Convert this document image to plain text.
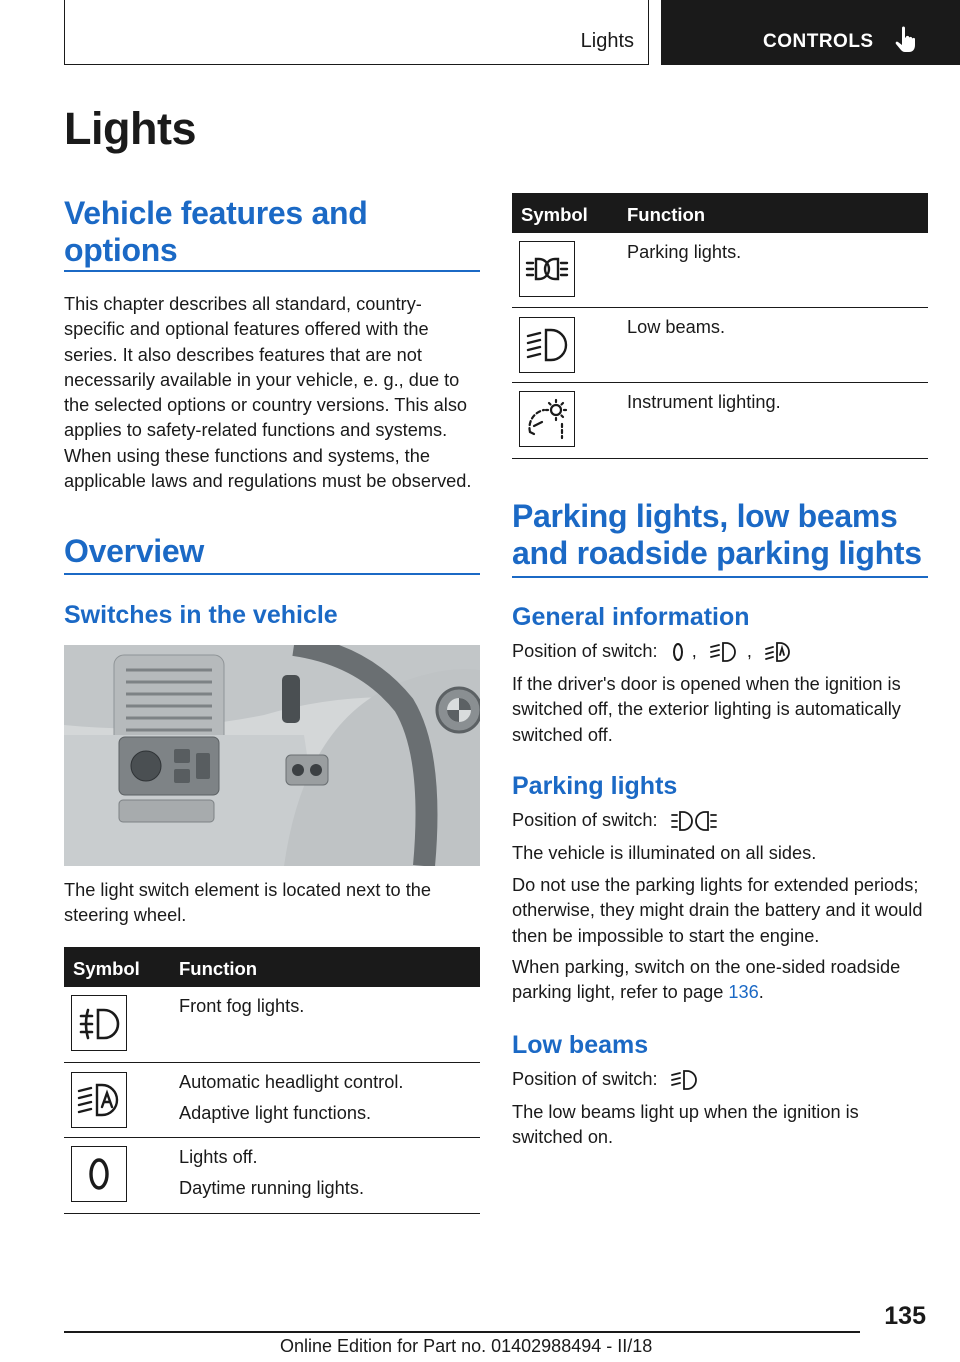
Lights	CONTROLS
Lights
Vehicle features and options
This chapter describes all standard, country-specific and optional features offered with the series. It also describes features that are not necessarily available in your vehicle, e. g., due to the selected options or country versions. This also applies to safety-related functions and systems. When using these functions and systems, the applicable laws and regulations must be observed.
Overview
Switches in the vehicle
The light switch element is located next to the steering wheel.
Symbol Function
Front fog lights.
Automatic headlight control.
Adaptive light functions.
Lights off.
Daytime running lights.
Symbol Function
Parking lights.
Low beams.
Instrument lighting.
Parking lights, low beams and roadside parking lights
General information
Position of switch: ,	,
If the driver's door is opened when the ignition is switched off, the exterior lighting is automatically switched off.
Parking lights
Position of switch:
The vehicle is illuminated on all sides.
Do not use the parking lights for extended periods; otherwise, they might drain the battery and it would then be impossible to start the engine.
When parking, switch on the one-sided roadside parking light, refer to page 136.
Low beams
Position of switch:
The low beams light up when the ignition is switched on.
135
Online Edition for Part no. 01402988494 - II/18
